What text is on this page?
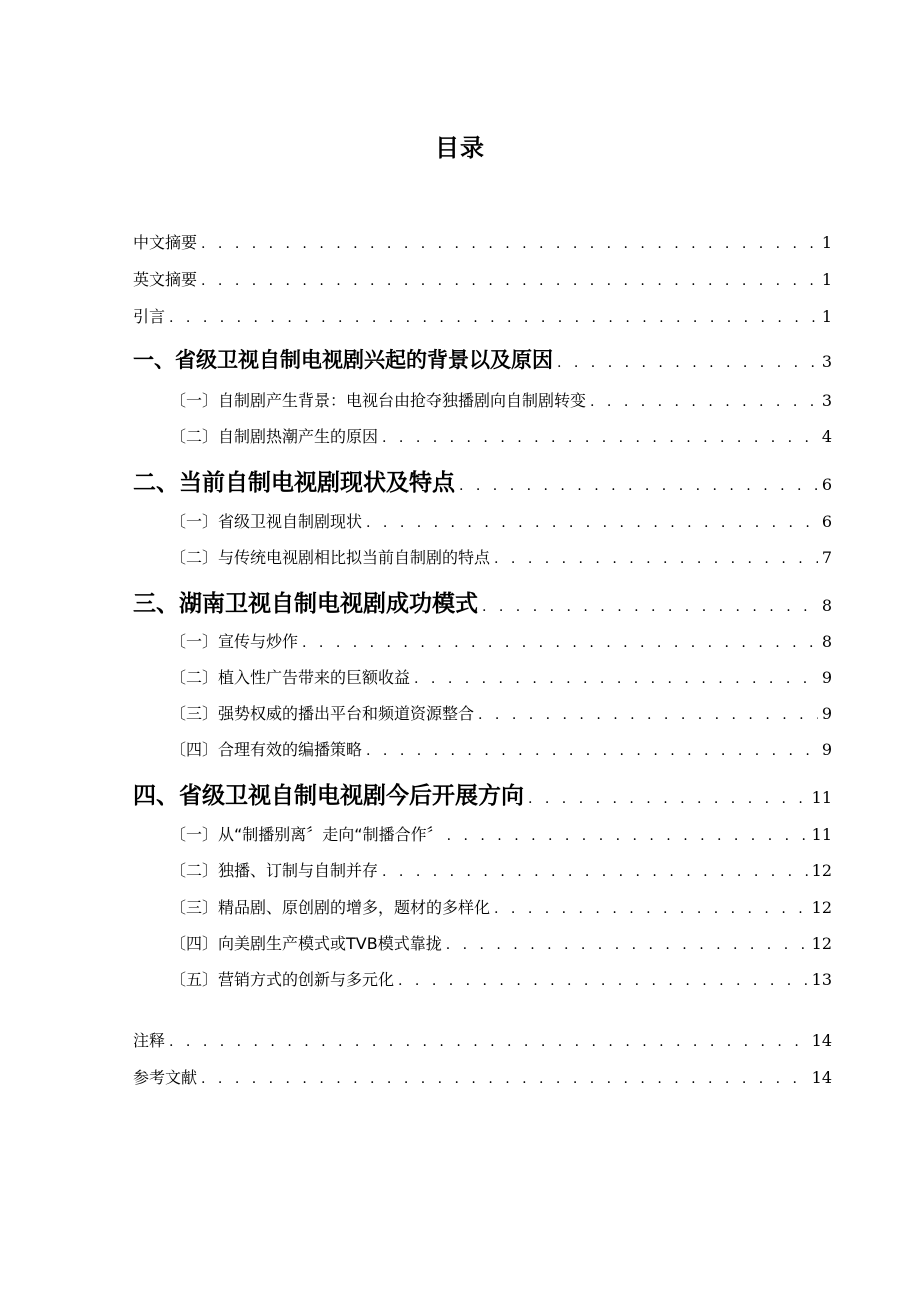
目录
中文摘要 . . .	1
英文摘要 . . .	1
引言 . . .	1
一、省级卫视自制电视剧兴起的背景以及原因 . . .	3
〔一〕自制剧产生背景：电视台由抢夺独播剧向自制剧转变 . . .	3
〔二〕自制剧热潮产生的原因 . . .	4
二、当前自制电视剧现状及特点 . . .	6
〔一〕省级卫视自制剧现状 . . .	6
〔二〕与传统电视剧相比拟当前自制剧的特点 . . .	7
三、湖南卫视自制电视剧成功模式 . . .	8
〔一〕宣传与炒作 . . .	8
〔二〕植入性广告带来的巨额收益 . . .	9
〔三〕强势权威的播出平台和频道资源整合 . . .	9
〔四〕合理有效的编播策略 . . .	9
四、省级卫视自制电视剧今后开展方向 . . .	11
〔一〕从“制播别离〞走向“制播合作〞 . . .	11
〔二〕独播、订制与自制并存 . . .	12
〔三〕精品剧、原创剧的增多，题材的多样化 . . .	12
〔四〕向美剧生产模式或TVB模式靠拢 . . .	12
〔五〕营销方式的创新与多元化 . . .	13
注释 . . .	14
参考文献 . . .	14
